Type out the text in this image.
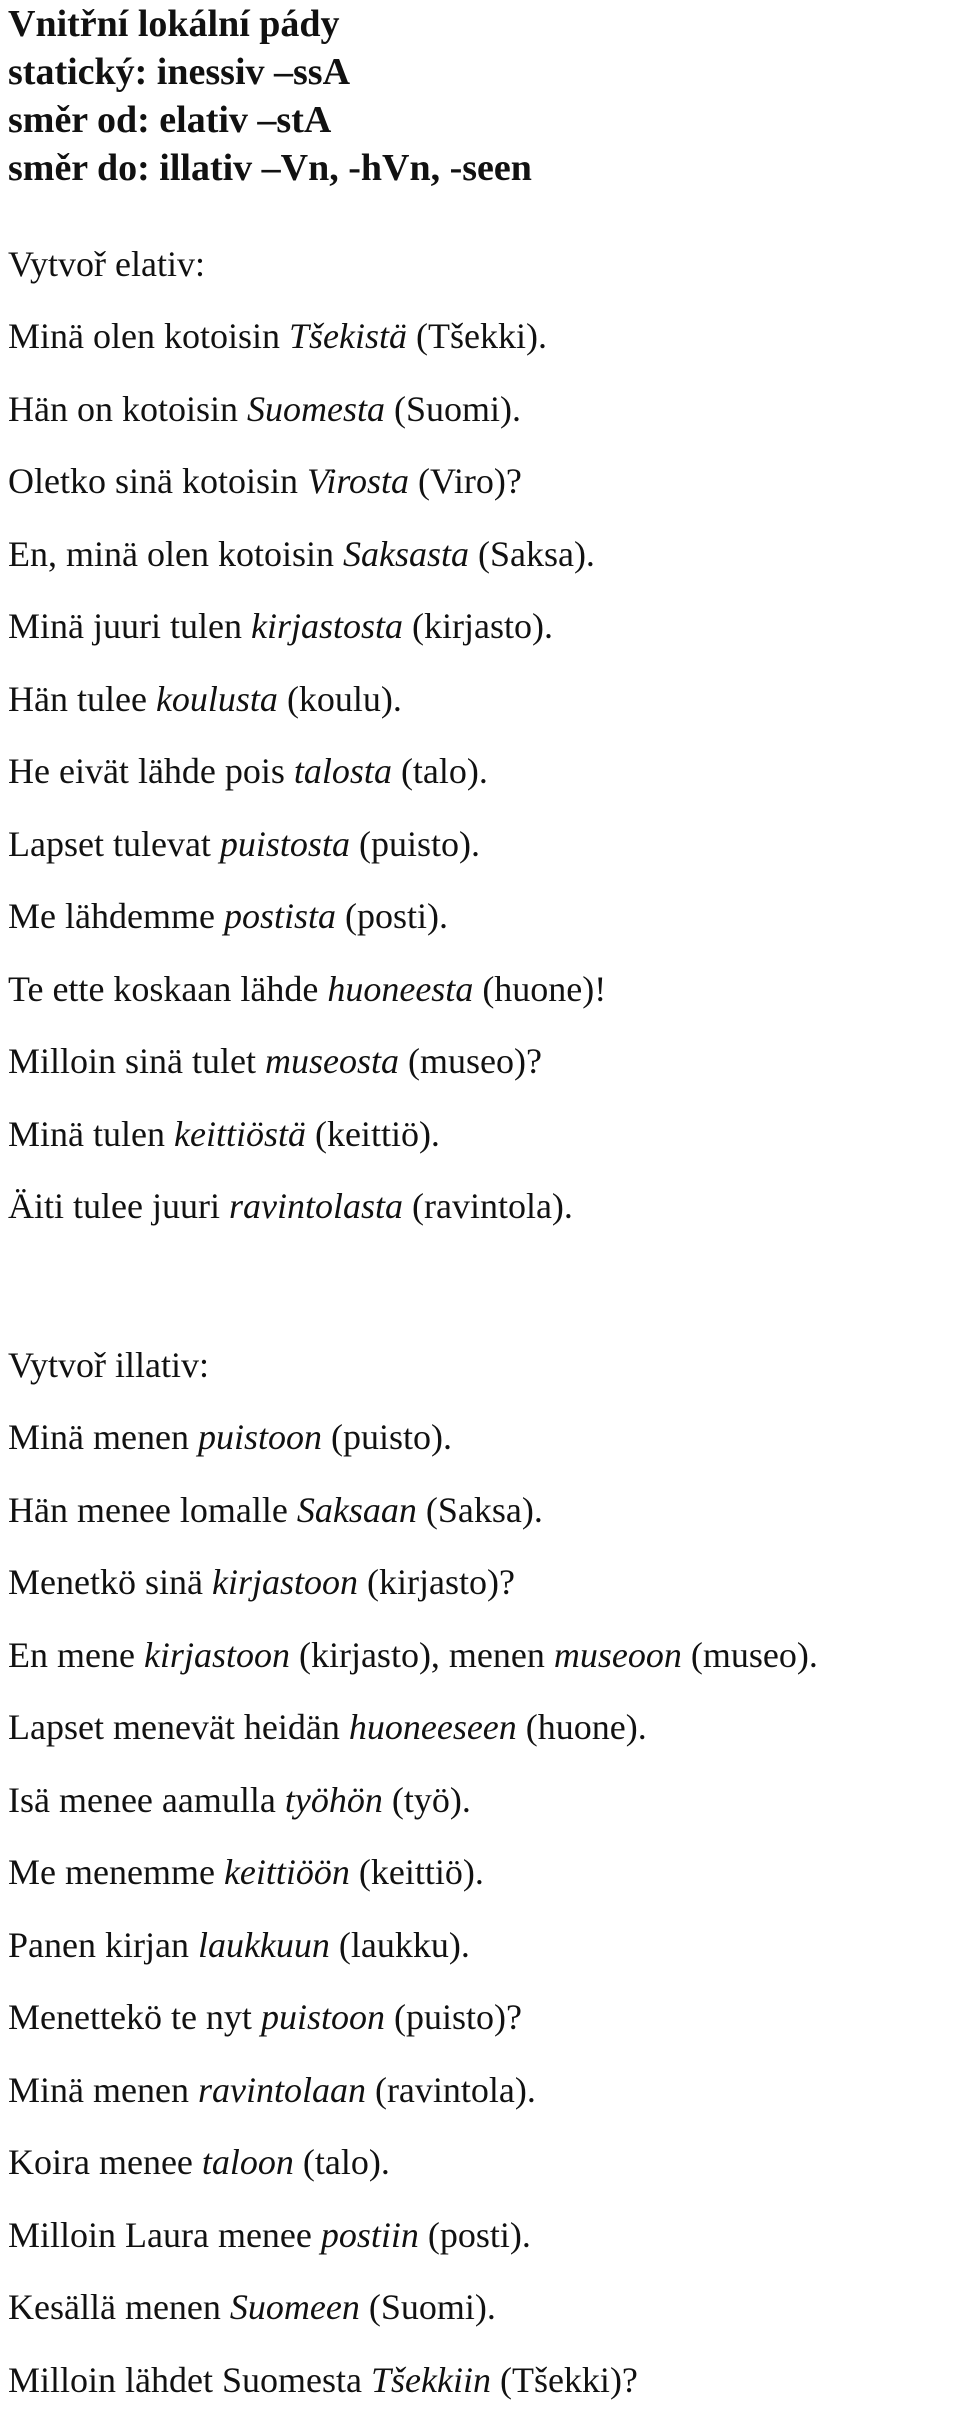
Vnitřní lokální pády

statický: inessiv –ssA

směr od: elativ –stA

směr do: illativ –Vn, -hVn, -seen

Vytvoř elativ:

Minä olen kotoisin Tšekistä (Tšekki).

Hän on kotoisin Suomesta (Suomi).

Oletko sinä kotoisin Virosta (Viro)?

En, minä olen kotoisin Saksasta (Saksa).

Minä juuri tulen kirjastosta (kirjasto).

Hän tulee koulusta (koulu).

He eivät lähde pois talosta (talo).

Lapset tulevat puistosta (puisto).

Me lähdemme postista (posti).

Te ette koskaan lähde huoneesta (huone)!

Milloin sinä tulet museosta (museo)?

Minä tulen keittiöstä (keittiö).

Äiti tulee juuri ravintolasta (ravintola).

Vytvoř illativ:

Minä menen puistoon (puisto).

Hän menee lomalle Saksaan (Saksa).

Menetkö sinä kirjastoon (kirjasto)?

En mene kirjastoon (kirjasto), menen museoon (museo).

Lapset menevät heidän huoneeseen (huone).

Isä menee aamulla työhön (työ).

Me menemme keittiöön (keittiö).

Panen kirjan laukkuun (laukku).

Menettekö te nyt puistoon (puisto)?

Minä menen ravintolaan (ravintola).

Koira menee taloon (talo).

Milloin Laura menee postiin (posti).

Kesällä menen Suomeen (Suomi).

Milloin lähdet Suomesta Tšekkiin (Tšekki)?
